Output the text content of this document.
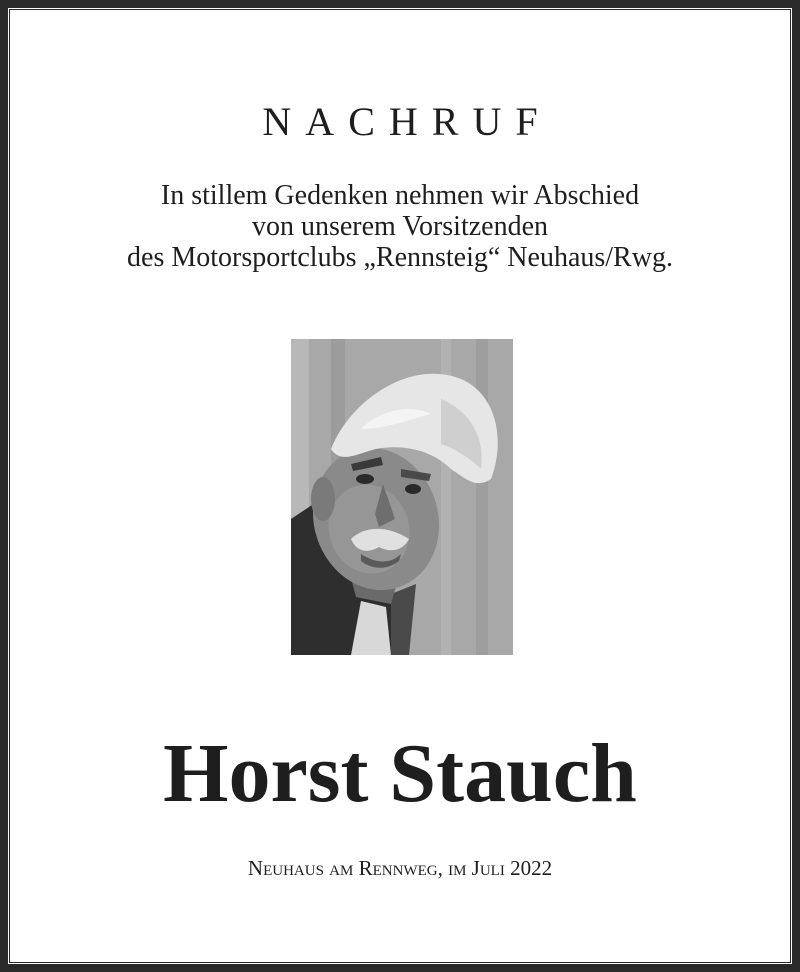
NACHRUF
In stillem Gedenken nehmen wir Abschied
von unserem Vorsitzenden
des Motorsportclubs „Rennsteig“ Neuhaus/Rwg.
Horst Stauch
Neuhaus am Rennweg, im Juli 2022
